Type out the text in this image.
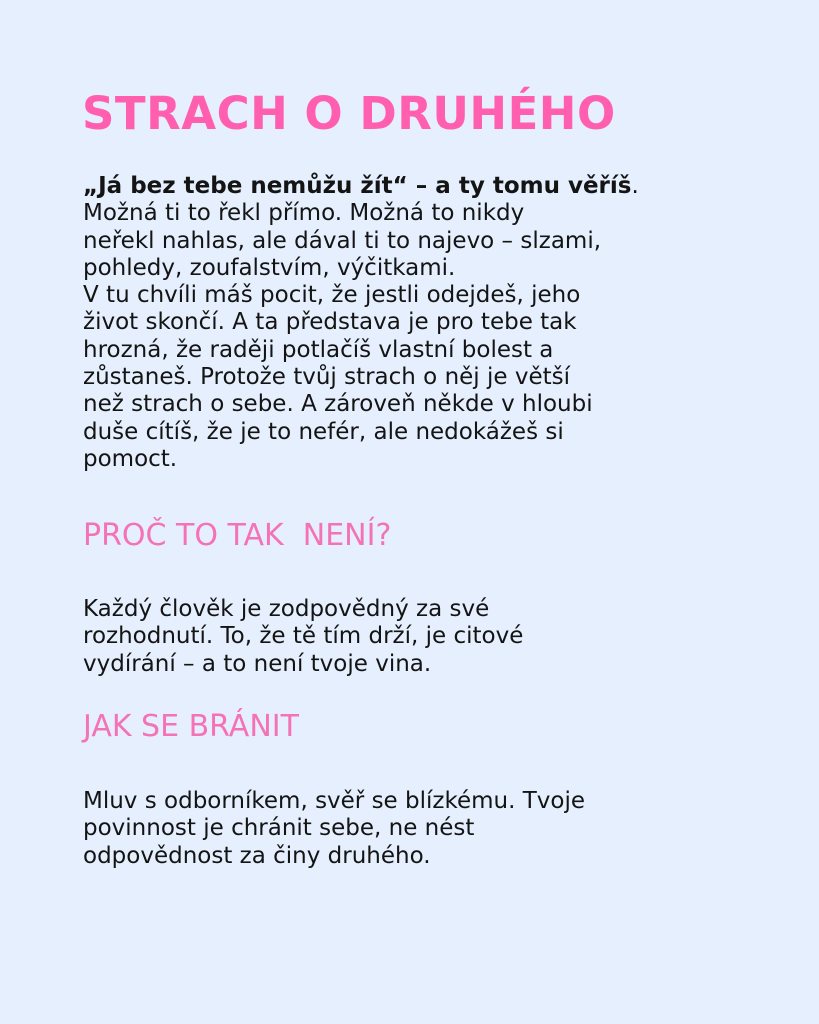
STRACH O DRUHÉHO
„Já bez tebe nemůžu žít“ – a ty tomu věříš.
Možná ti to řekl přímo. Možná to nikdy
neřekl nahlas, ale dával ti to najevo – slzami,
pohledy, zoufalstvím, výčitkami.
V tu chvíli máš pocit, že jestli odejdeš, jeho
život skončí. A ta představa je pro tebe tak
hrozná, že raději potlačíš vlastní bolest a
zůstaneš. Protože tvůj strach o něj je větší
než strach o sebe. A zároveň někde v hloubi
duše cítíš, že je to nefér, ale nedokážeš si
pomoct.
PROČ TO TAK  NENÍ?
Každý člověk je zodpovědný za své
rozhodnutí. To, že tě tím drží, je citové
vydírání – a to není tvoje vina.
JAK SE BRÁNIT
Mluv s odborníkem, svěř se blízkému. Tvoje
povinnost je chránit sebe, ne nést
odpovědnost za činy druhého.
